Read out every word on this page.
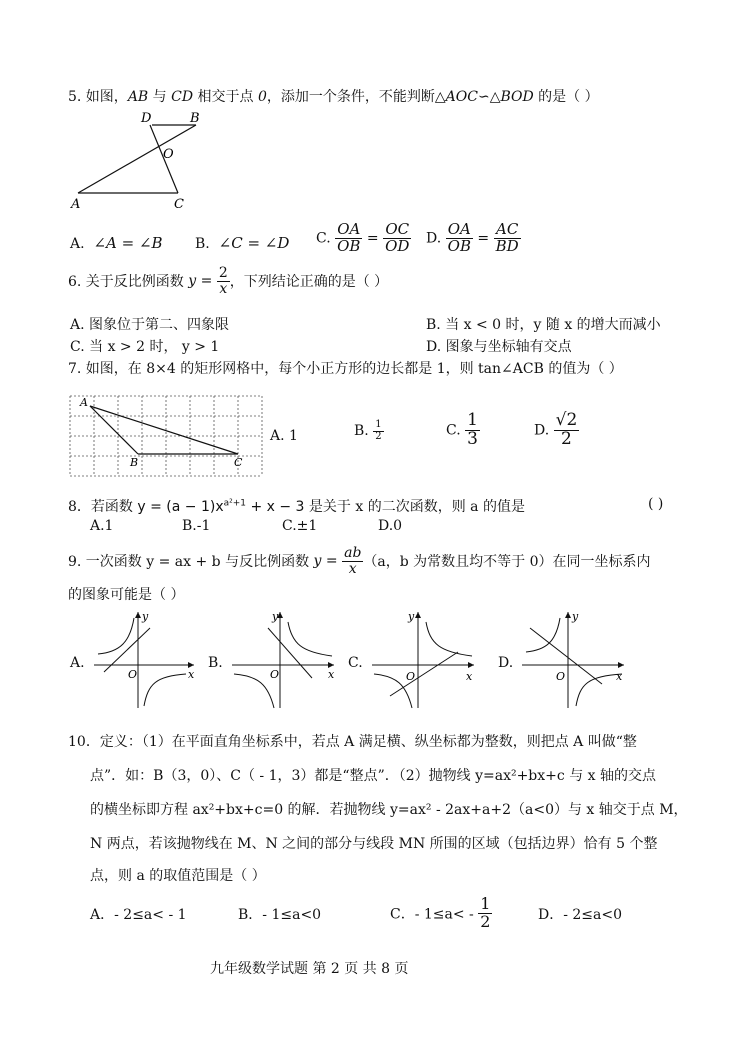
5. 如图，AB 与 CD 相交于点 0，添加一个条件，不能判断△AOC∽△BOD 的是（ ）
D	B
O
A	C
A. ∠A = ∠B B. ∠C = ∠D C. $\frac{OA}{OB} = \frac{OC}{OD} D$. $\frac{OA}{OB} = \frac{AC}{BD}$
6. 关于反比例函数 $y = \frac{2}{x}$ ，下列结论正确的是（ ）
A. 图象位于第二、四象限	B. 当 x < 0 时，y 随 x 的增大而减小
C. 当 x > 2 时， y > 1	D. 图象与坐标轴有交点
7. 如图，在 8×4 的矩形网格中，每个小正方形的边长都是 1，则 tan∠ACB 的值为（ ）
A
B	C
A. 1	B. $\frac{1}{2}$	C. $\frac{1}{3}$	D. $\frac{√2}{2}$
8．若函数 $y = (a - 1)x^{a^2+1} + x - 3$ 是关于 x 的二次函数，则 a 的值是	( )
A.1	B.-1	C.±1	D.0
9. 一次函数 y = ax + b 与反比例函数 $y = \frac{ab}{x} (a$，b 为常数且均不等于 0）在同一坐标系内
的图象可能是（ ）
A.
y
x
O
B.
y
x
O
C.
y
x
O
D.
y
x
O
10．定义：（1）在平面直角坐标系中，若点 A 满足横、纵坐标都为整数，则把点 A 叫做“整
点”．如：B（3，0）、C（ - 1，3）都是“整点”．（2）抛物线 y=ax²+bx+c 与 x 轴的交点
的横坐标即方程 ax²+bx+c=0 的解．若抛物线 y=ax² - 2ax+a+2（a<0）与 x 轴交于点 M，
N 两点，若该抛物线在 M、N 之间的部分与线段 MN 所围的区域（包括边界）恰有 5 个整
点，则 a 的取值范围是（ ）
A．- 2≤a< - 1	B．- 1≤a<0	C．- $1\le a< - \frac{1}{2}$	D．- 2≤a<0
九年级数学试题 第 2 页 共 8 页
